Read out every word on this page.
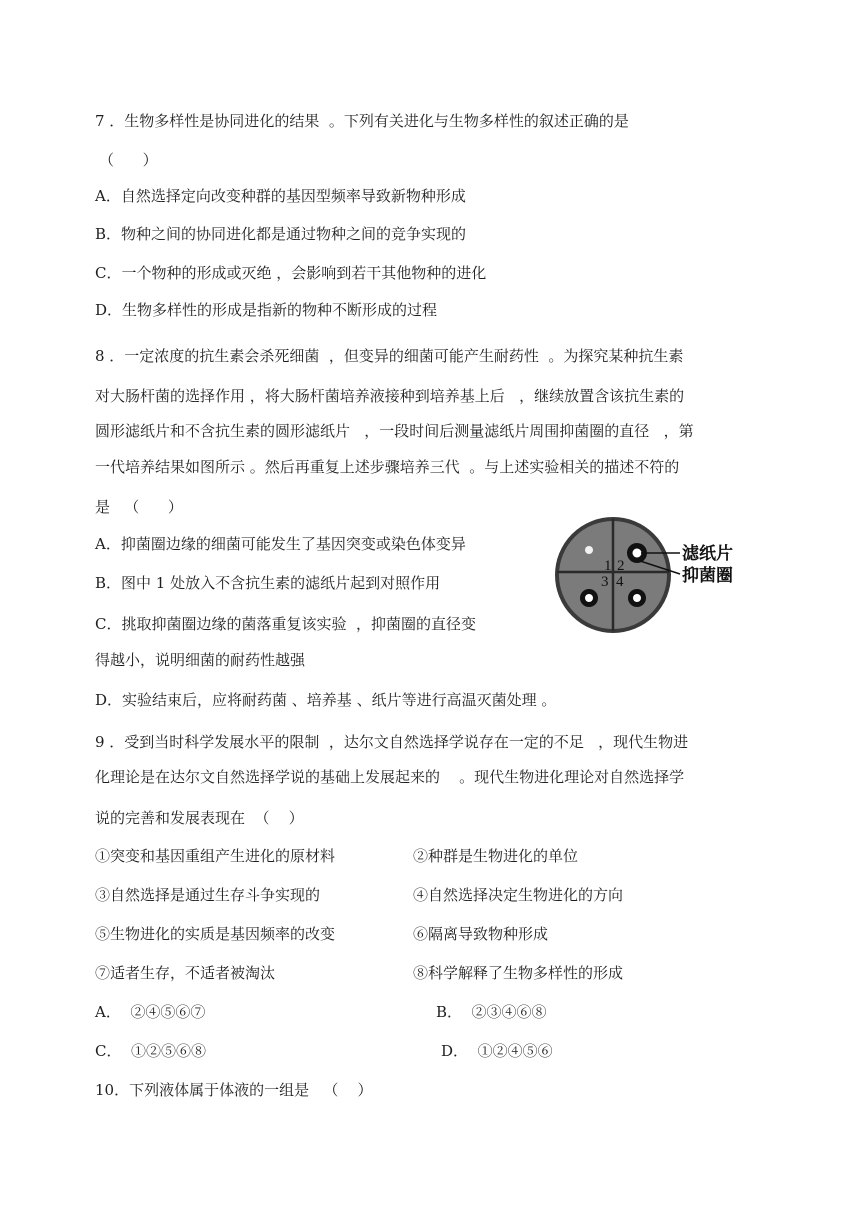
7 ．生物多样性是协同进化的结果  。下列有关进化与生物多样性的叙述正确的是
（      ）
A．自然选择定向改变种群的基因型频率导致新物种形成
B．物种之间的协同进化都是通过物种之间的竞争实现的
C．一个物种的形成或灭绝 ，会影响到若干其他物种的进化
D．生物多样性的形成是指新的物种不断形成的过程
8 ．一定浓度的抗生素会杀死细菌  ，但变异的细菌可能产生耐药性  。为探究某种抗生素
对大肠杆菌的选择作用 ，将大肠杆菌培养液接种到培养基上后   ，继续放置含该抗生素的
圆形滤纸片和不含抗生素的圆形滤纸片   ，一段时间后测量滤纸片周围抑菌圈的直径   ，第
一代培养结果如图所示 。然后再重复上述步骤培养三代  。与上述实验相关的描述不符的
是   （      ）
A．抑菌圈边缘的细菌可能发生了基因突变或染色体变异
B．图中 1 处放入不含抗生素的滤纸片起到对照作用
C．挑取抑菌圈边缘的菌落重复该实验  ，抑菌圈的直径变
得越小，说明细菌的耐药性越强
D．实验结束后，应将耐药菌 、培养基 、纸片等进行高温灭菌处理 。
1 2
3 4
滤纸片
抑菌圈
9 ．受到当时科学发展水平的限制  ，达尔文自然选择学说存在一定的不足   ，现代生物进
化理论是在达尔文自然选择学说的基础上发展起来的    。现代生物进化理论对自然选择学
说的完善和发展表现在  （    ）
①突变和基因重组产生进化的原材料	②种群是生物进化的单位
③自然选择是通过生存斗争实现的	④自然选择决定生物进化的方向
⑤生物进化的实质是基因频率的改变	⑥隔离导致物种形成
⑦适者生存，不适者被淘汰	⑧科学解释了生物多样性的形成
A．  ②④⑤⑥⑦	B．  ②③④⑥⑧
C．  ①②⑤⑥⑧	D．  ①②④⑤⑥
10．下列液体属于体液的一组是   （    ）
